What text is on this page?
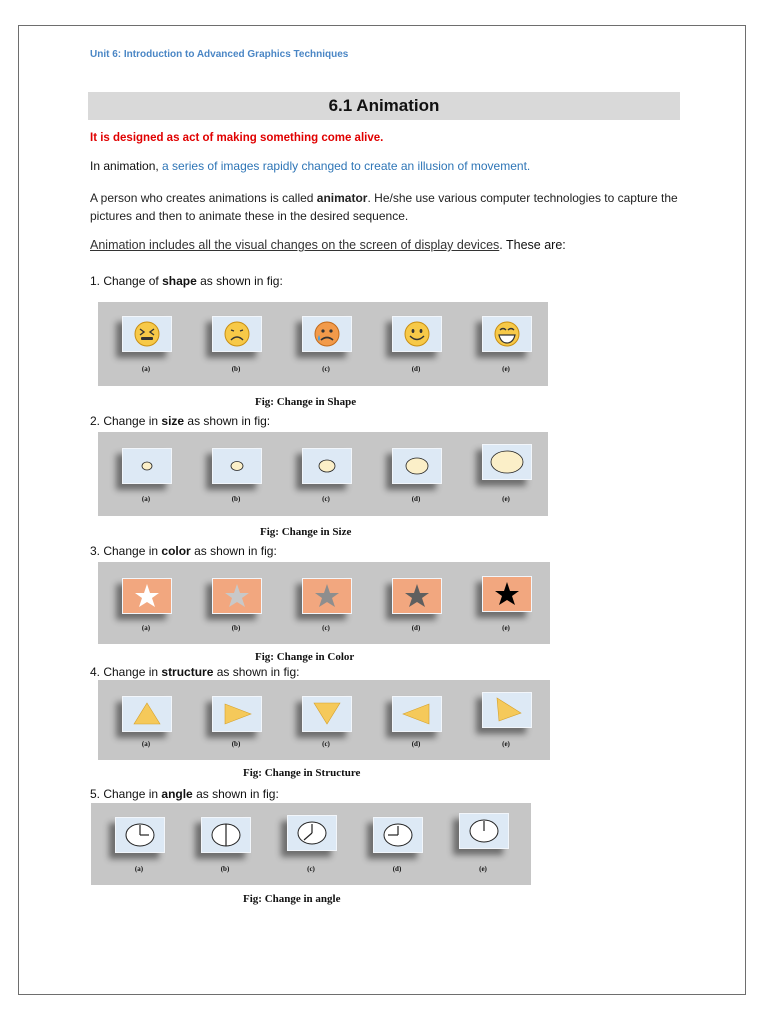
Unit 6: Introduction to Advanced Graphics Techniques
6.1 Animation
It is designed as act of making something come alive.
In animation, a series of images rapidly changed to create an illusion of movement.
A person who creates animations is called animator. He/she use various computer technologies to capture the pictures and then to animate these in the desired sequence.
Animation includes all the visual changes on the screen of display devices. These are:
1. Change of shape as shown in fig:
(a)	(b)	(c)	(d)	(e)
Fig: Change in Shape
2. Change in size as shown in fig:
(a)	(b)	(c)	(d)	(e)
Fig: Change in Size
3. Change in color as shown in fig:
(a)	(b)	(c)	(d)	(e)
Fig: Change in Color
4. Change in structure as shown in fig:
(a)	(b)	(c)	(d)	(e)
Fig: Change in Structure
5. Change in angle as shown in fig:
(a)	(b)	(c)	(d)	(e)
Fig: Change in angle
